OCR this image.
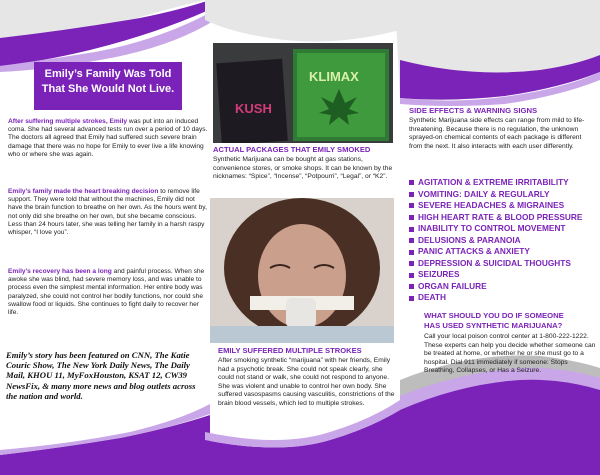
Emily’s Family Was Told
That She Would Not Live.
After suffering multiple strokes, Emily was put into an induced coma. She had several advanced tests run over a period of 10 days. The doctors all agreed that Emily had suffered such severe brain damage that there was no hope for Emily to ever live a life knowing who or where she was again.
Emily’s family made the heart breaking decision to remove life support. They were told that without the machines, Emily did not have the brain function to breathe on her own. As the hours went by, not only did she breathe on her own, but she became conscious. Less than 24 hours later, she was telling her family in a harsh raspy whisper, “I love you”.
Emily’s recovery has been a long and painful process. When she awoke she was blind, had severe memory loss, and was unable to process even the simplest mental information. Her entire body was paralyzed, she could not control her bodily functions, nor could she swallow food or liquids. She continues to fight daily to recover her life.
Emily’s story has been featured on CNN, The Katie Couric Show, The New York Daily News, The Daily Mail, KHOU 11, MyFoxHouston, KSAT 12, CW39 NewsFix, & many more news and blog outlets across the nation and world.
KUSH
KLIMAX
ACTUAL PACKAGES THAT EMILY SMOKED
Synthetic Marijuana can be bought at gas stations, convenience stores, or smoke shops. It can be known by the nicknames: “Spice”, “Incense”, “Potpourri”, “Legal”, or “K2”.
EMILY SUFFERED MULTIPLE STROKES
After smoking synthetic “marijuana” with her friends, Emily had a psychotic break. She could not speak clearly, she could not stand or walk, she could not respond to anyone. She was violent and unable to control her own body. She suffered vasospasms causing vasculitis, constrictions of the brain blood vessels, which led to multiple strokes.
SIDE EFFECTS & WARNING SIGNS
Synthetic Marijuana side effects can range from mild to life-threatening. Because there is no regulation, the unknown sprayed-on chemical contents of each package is different from the next. It also interacts with each user differently.
AGITATION & EXTREME IRRITABILITY
VOMITING: DAILY & REGULARLY
SEVERE HEADACHES & MIGRAINES
HIGH HEART RATE & BLOOD PRESSURE
INABILITY TO CONTROL MOVEMENT
DELUSIONS & PARANOIA
PANIC ATTACKS & ANXIETY
DEPRESSION & SUICIDAL THOUGHTS
SEIZURES
ORGAN FAILURE
DEATH
WHAT SHOULD YOU DO IF SOMEONE
HAS USED SYNTHETIC MARIJUANA?
Call your local poison control center at 1-800-222-1222. These experts can help you decide whether someone can be treated at home, or whether he or she must go to a hospital. Dial 911 immediately if someone: Stops Breathing, Collapses, or Has a Seizure.
